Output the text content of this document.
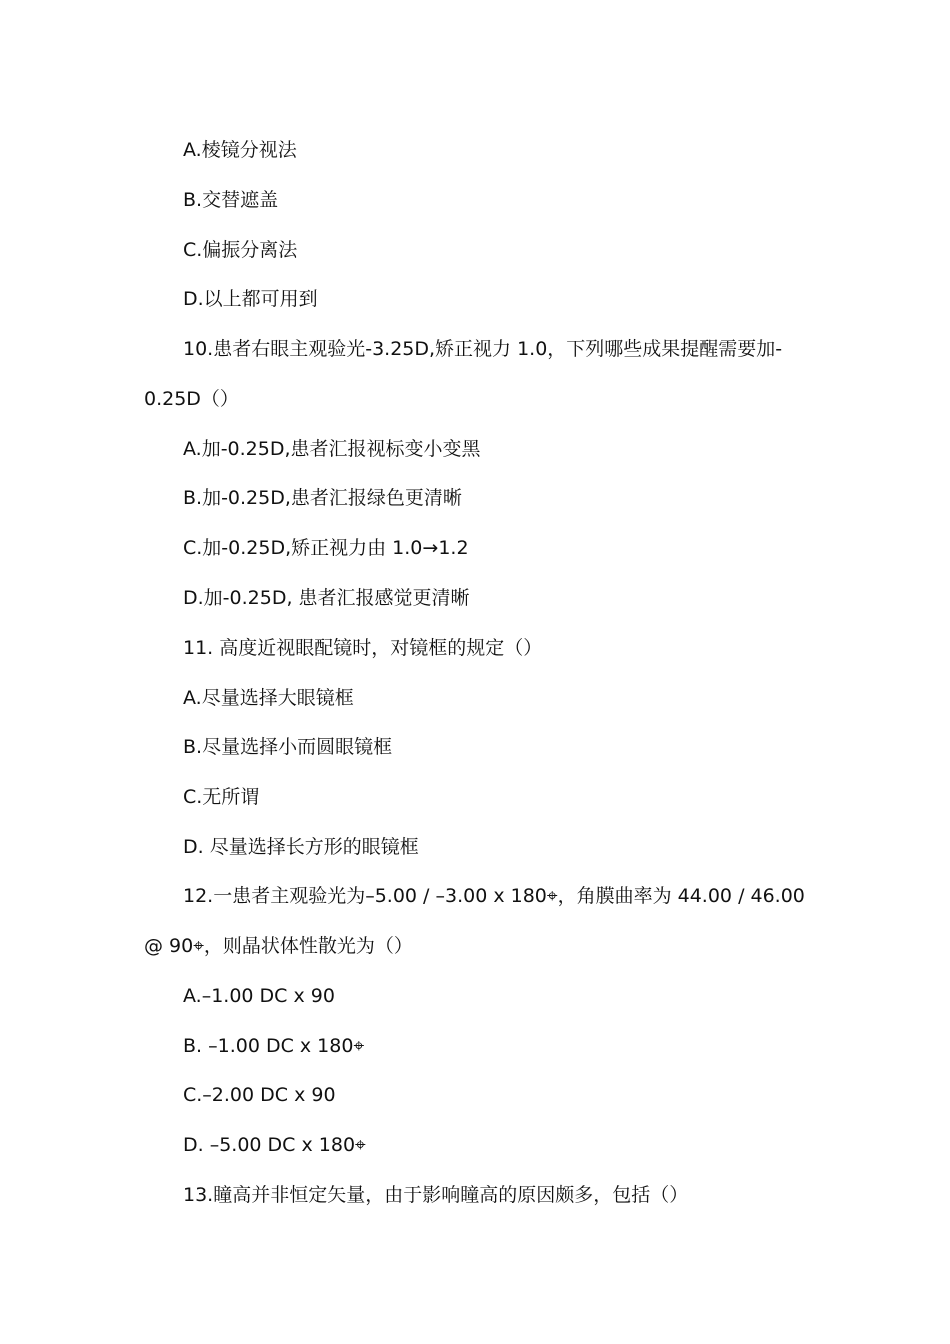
A.棱镜分视法
B.交替遮盖
C.偏振分离法
D.以上都可用到
10.患者右眼主观验光-3.25D,矫正视力 1.0，下列哪些成果提醒需要加-
0.25D（）
A.加-0.25D,患者汇报视标变小变黑
B.加-0.25D,患者汇报绿色更清晰
C.加-0.25D,矫正视力由 1.0→1.2
D.加-0.25D, 患者汇报感觉更清晰
11. 高度近视眼配镜时，对镜框的规定（）
A.尽量选择大眼镜框
B.尽量选择小而圆眼镜框
C.无所谓
D. 尽量选择长方形的眼镜框
12.一患者主观验光为–5.00 / –3.00 x 180⌖，角膜曲率为 44.00 / 46.00
@ 90⌖，则晶状体性散光为（）
A.–1.00 DC x 90
B. –1.00 DC x 180⌖
C.–2.00 DC x 90
D. –5.00 DC x 180⌖
13.瞳高并非恒定矢量，由于影响瞳高的原因颇多，包括（）
